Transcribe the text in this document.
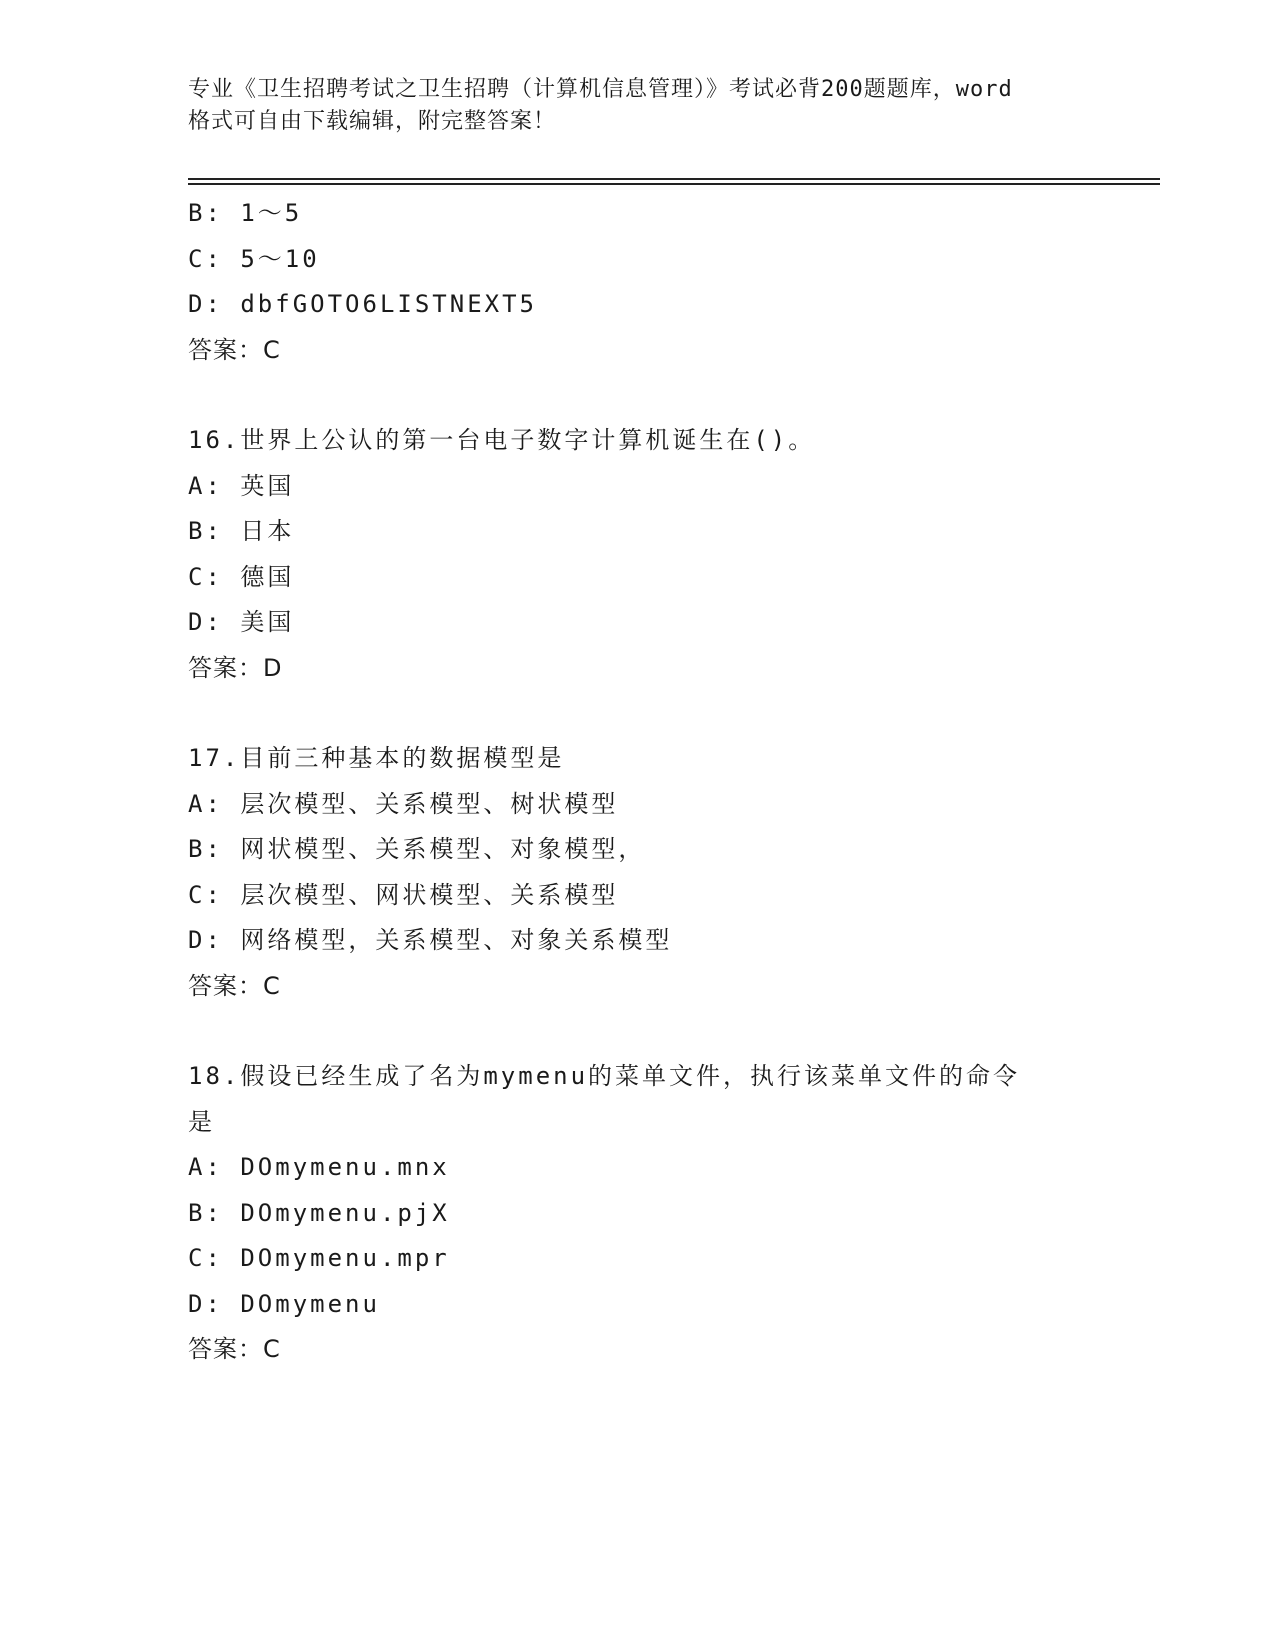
专业《卫生招聘考试之卫生招聘（计算机信息管理）》考试必背200题题库，word
格式可自由下载编辑，附完整答案！
B: 1～5
C: 5～10
D: dbfGOTO6LISTNEXT5
答案：C
16.世界上公认的第一台电子数字计算机诞生在()。
A: 英国
B: 日本
C: 德国
D: 美国
答案：D
17.目前三种基本的数据模型是
A: 层次模型、关系模型、树状模型
B: 网状模型、关系模型、对象模型，
C: 层次模型、网状模型、关系模型
D: 网络模型，关系模型、对象关系模型
答案：C
18.假设已经生成了名为mymenu的菜单文件，执行该菜单文件的命令
是
A: DOmymenu.mnx
B: DOmymenu.pjX
C: DOmymenu.mpr
D: DOmymenu
答案：C
